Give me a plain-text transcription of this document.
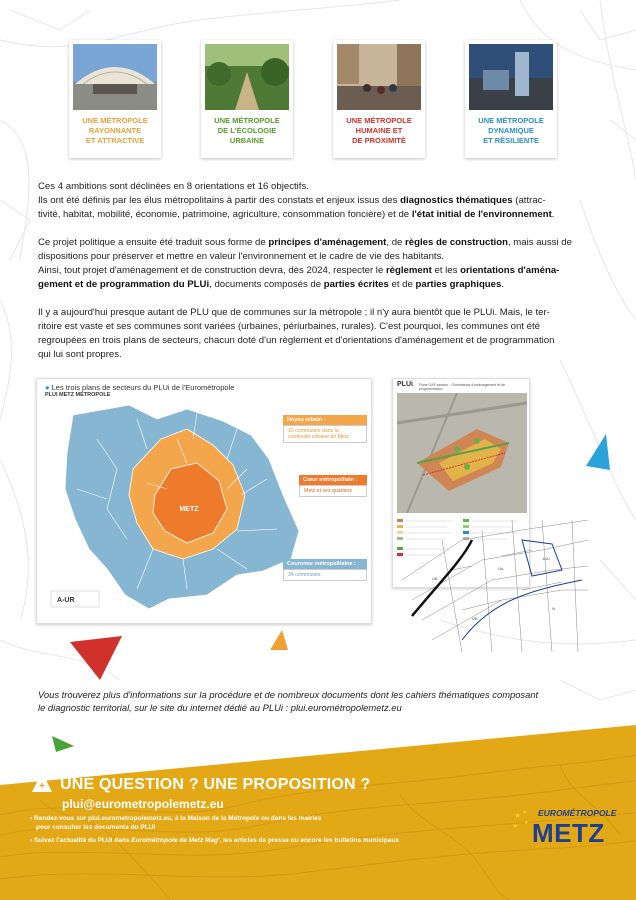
UNE MÉTROPOLE
RAYONNANTE
ET ATTRACTIVE
UNE MÉTROPOLE
DE L'ÉCOLOGIE
URBAINE
UNE MÉTROPOLE
HUMAINE ET
DE PROXIMITÉ
UNE MÉTROPOLE
DYNAMIQUE
ET RÉSILIENTE
Ces 4 ambitions sont déclinées en 8 orientations et 16 objectifs.
Ils ont été définis par les élus métropolitains à partir des constats et enjeux issus des diagnostics thématiques (attrac-
tivité, habitat, mobilité, économie, patrimoine, agriculture, consommation foncière) et de l'état initial de l'environnement.
Ce projet politique a ensuite été traduit sous forme de principes d'aménagement, de règles de construction, mais aussi de
dispositions pour préserver et mettre en valeur l'environnement et le cadre de vie des habitants.
Ainsi, tout projet d'aménagement et de construction devra, dès 2024, respecter le règlement et les orientations d'aména-
gement et de programmation du PLUi, documents composés de parties écrites et de parties graphiques.
Il y a aujourd'hui presque autant de PLU que de communes sur la métropole ; il n'y aura bientôt que le PLUi. Mais, le ter-
ritoire est vaste et ses communes sont variées (urbaines, périurbaines, rurales). C'est pourquoi, les communes ont été
regroupées en trois plans de secteurs, chacun doté d'un règlement et d'orientations d'aménagement et de programmation
qui lui sont propres.
● Les trois plans de secteurs du PLUi de l'Eurométropole
PLUI METZ MÉTROPOLE
METZ
A-UR
Noyau urbain :
10 communes dans la continuité urbaine de Metz
Cœur métropolitain :
Metz et ses quartiers
Couronne métropolitaine :
34 communes
PLUi Fiche OAP secteur · Orientations d'aménagement et de programmation
UB
UA
1AU
UB
N
Vous trouverez plus d'informations sur la procédure et de nombreux documents dont les cahiers thématiques composant
le diagnostic territorial, sur le site du internet dédié au PLUi : plui.eurométropolemetz.eu
+ UNE QUESTION ? UNE PROPOSITION ?
plui@eurometropolemetz.eu
› Rendez-vous sur plui.eurometropolemetz.eu, à la Maison de la Métropole ou dans les mairies
pour consulter les documents du PLUI
› Suivez l'actualité du PLUI dans Eurométropole de Metz Mag', les articles de presse ou encore les bulletins municipaux
★ ★
★ ★
EUROMÉTROPOLE
METZ
